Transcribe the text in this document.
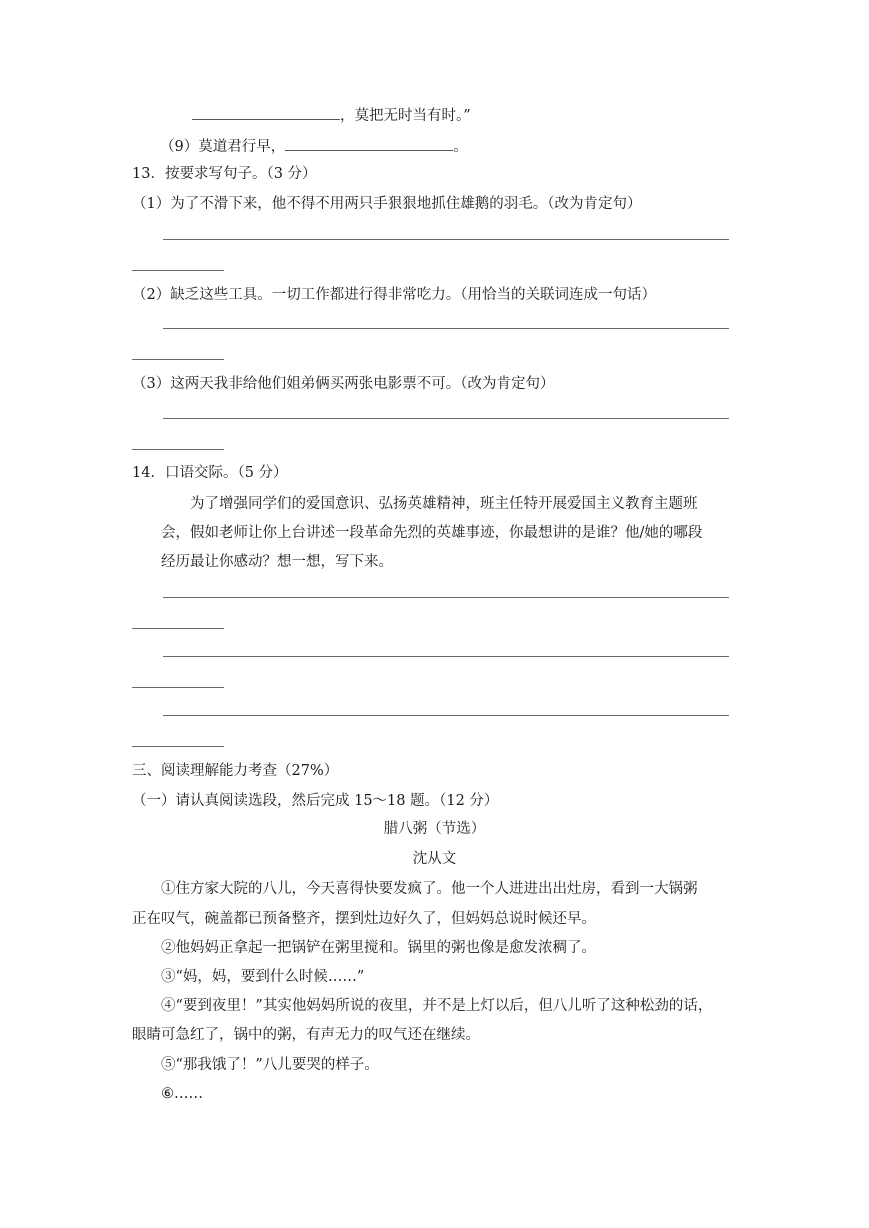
，莫把无时当有时。”
（9）莫道君行早，	。
13．按要求写句子。（3 分）
（1）为了不滑下来，他不得不用两只手狠狠地抓住雄鹅的羽毛。（改为肯定句）
（2）缺乏这些工具。一切工作都进行得非常吃力。（用恰当的关联词连成一句话）
（3）这两天我非给他们姐弟俩买两张电影票不可。（改为肯定句）
14．口语交际。（5 分）
为了增强同学们的爱国意识、弘扬英雄精神，班主任特开展爱国主义教育主题班
会，假如老师让你上台讲述一段革命先烈的英雄事迹，你最想讲的是谁？他/她的哪段
经历最让你感动？想一想，写下来。
三、阅读理解能力考查（27%）
（一）请认真阅读选段，然后完成 15～18 题。（12 分）
腊八粥（节选）
沈从文
①住方家大院的八儿，今天喜得快要发疯了。他一个人进进出出灶房，看到一大锅粥
正在叹气，碗盖都已预备整齐，摆到灶边好久了，但妈妈总说时候还早。
②他妈妈正拿起一把锅铲在粥里搅和。锅里的粥也像是愈发浓稠了。
③“妈，妈，要到什么时候……”
④“要到夜里！”其实他妈妈所说的夜里，并不是上灯以后，但八儿听了这种松劲的话，
眼睛可急红了，锅中的粥，有声无力的叹气还在继续。
⑤“那我饿了！”八儿要哭的样子。
⑥……
